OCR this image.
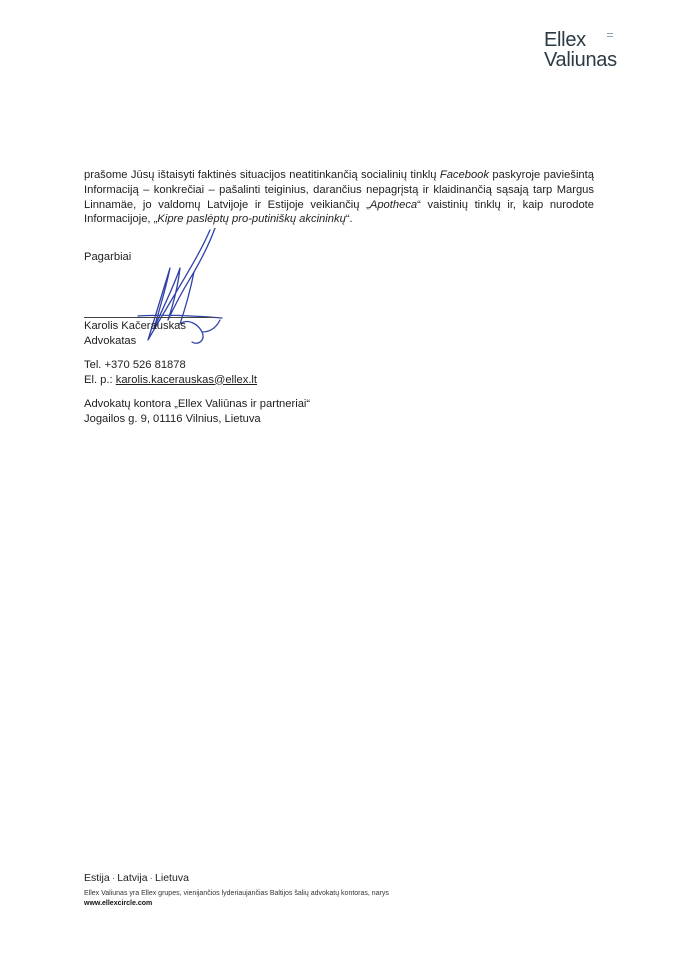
Ellex
Valiunas
prašome Jūsų ištaisyti faktinės situacijos neatitinkančią socialinių tinklų Facebook paskyroje paviešintą Informaciją – konkrečiai – pašalinti teiginius, darančius nepagrįstą ir klaidinančią sąsają tarp Margus Linnamäe, jo valdomų Latvijoje ir Estijoje veikiančių „Apotheca“ vaistinių tinklų ir, kaip nurodote Informacijoje, „Kipre paslėptų pro-putiniškų akcininkų“.
Pagarbiai
Karolis Kačerauskas
Advokatas
Tel. +370 526 81878
El. p.: karolis.kacerauskas@ellex.lt
Advokatų kontora „Ellex Valiūnas ir partneriai“
Jogailos g. 9, 01116 Vilnius, Lietuva
Estija · Latvija · Lietuva
Ellex Valiunas yra Ellex grupes, vienijančios lyderiaujančias Baltijos šalių advokatų kontoras, narys
www.ellexcircle.com
